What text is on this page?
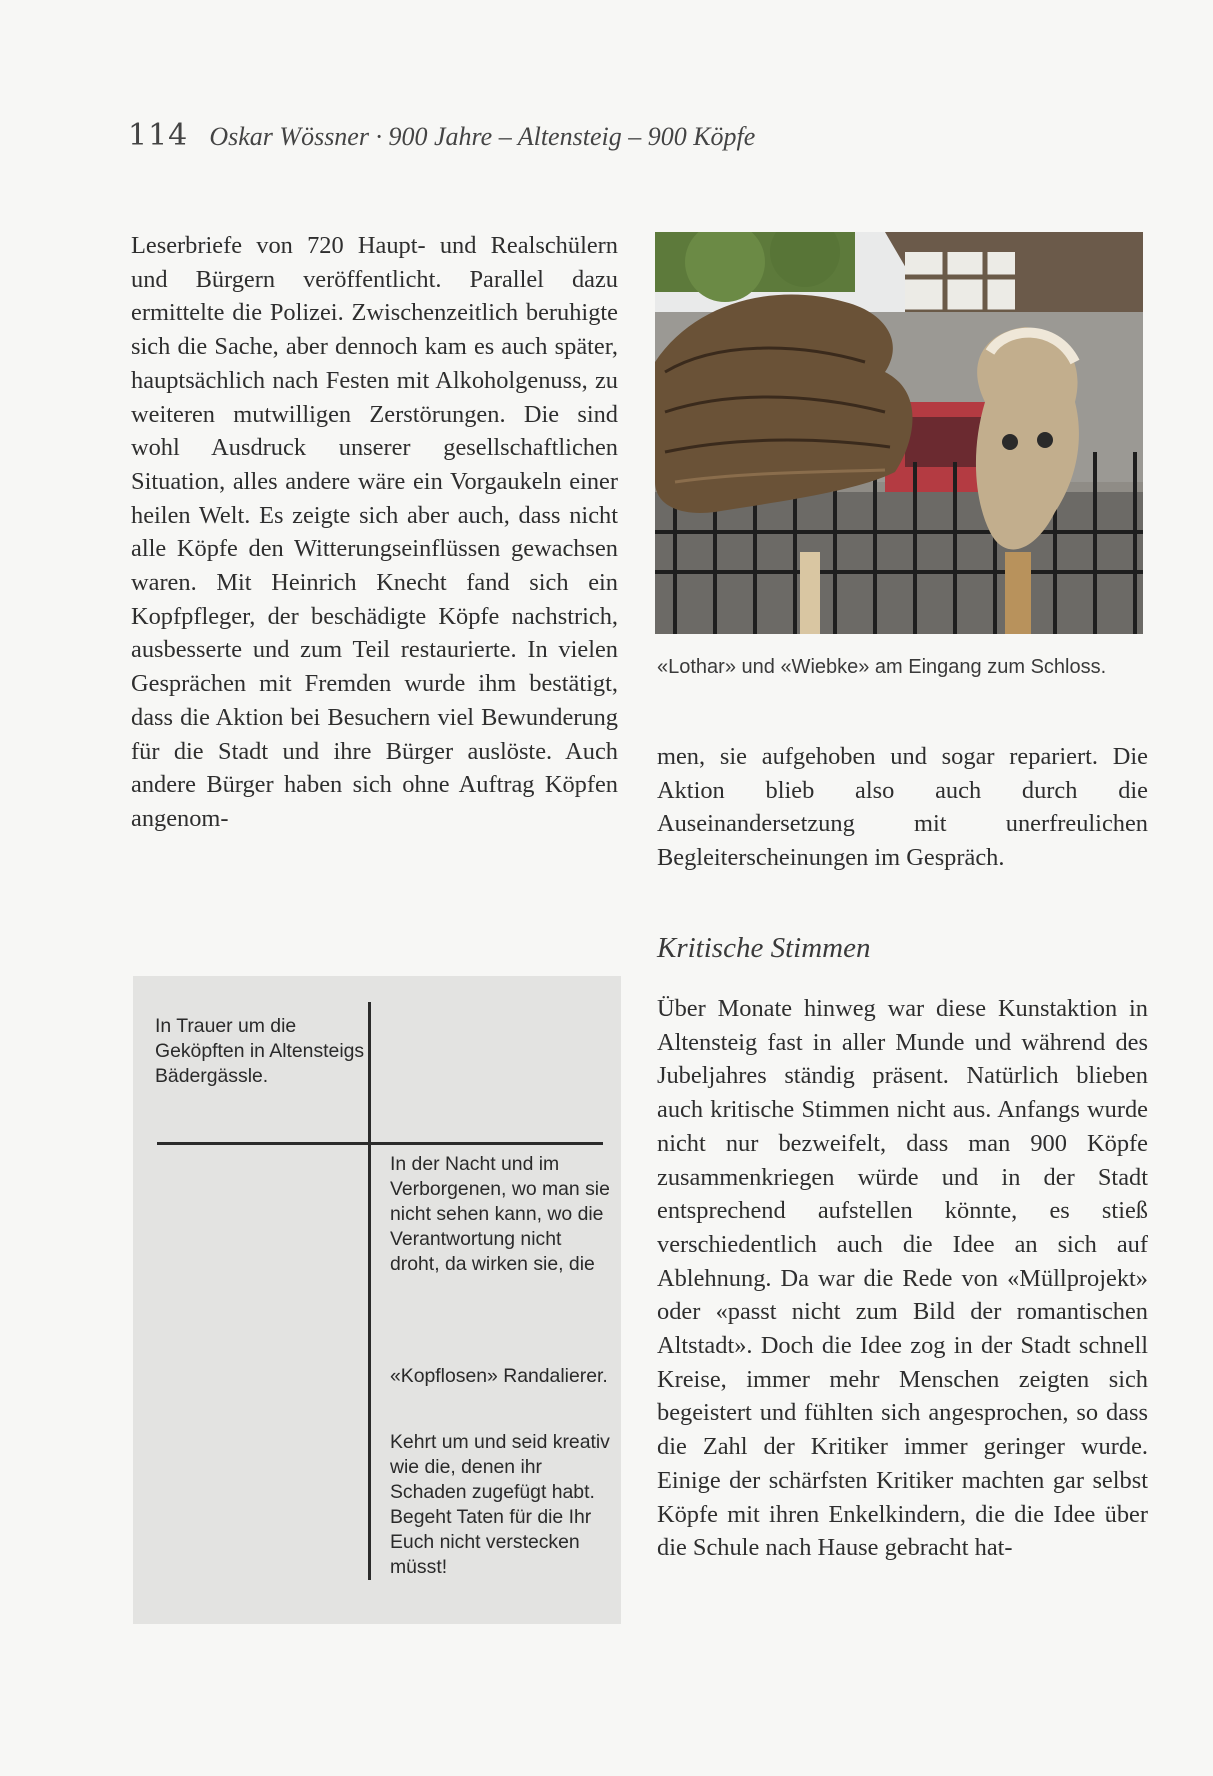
114 Oskar Wössner · 900 Jahre – Altensteig – 900 Köpfe
Leserbriefe von 720 Haupt- und Realschülern und Bürgern veröffentlicht. Parallel dazu ermittelte die Polizei. Zwischenzeitlich beruhigte sich die Sache, aber dennoch kam es auch später, hauptsächlich nach Festen mit Alkoholgenuss, zu weiteren mutwilligen Zerstörungen. Die sind wohl Ausdruck unserer gesellschaftlichen Situation, alles andere wäre ein Vorgaukeln einer heilen Welt. Es zeigte sich aber auch, dass nicht alle Köpfe den Witterungseinflüssen gewachsen waren. Mit Heinrich Knecht fand sich ein Kopfpfleger, der beschädigte Köpfe nachstrich, ausbesserte und zum Teil restaurierte. In vielen Gesprächen mit Fremden wurde ihm bestätigt, dass die Aktion bei Besuchern viel Bewunderung für die Stadt und ihre Bürger auslöste. Auch andere Bürger haben sich ohne Auftrag Köpfen angenom-
«Lothar» und «Wiebke» am Eingang zum Schloss.
men, sie aufgehoben und sogar repariert. Die Aktion blieb also auch durch die Auseinandersetzung mit unerfreulichen Begleiterscheinungen im Gespräch.
Kritische Stimmen
Über Monate hinweg war diese Kunstaktion in Altensteig fast in aller Munde und während des Jubeljahres ständig präsent. Natürlich blieben auch kritische Stimmen nicht aus. Anfangs wurde nicht nur bezweifelt, dass man 900 Köpfe zusammenkriegen würde und in der Stadt entsprechend aufstellen könnte, es stieß verschiedentlich auch die Idee an sich auf Ablehnung. Da war die Rede von «Müllprojekt» oder «passt nicht zum Bild der romantischen Altstadt». Doch die Idee zog in der Stadt schnell Kreise, immer mehr Menschen zeigten sich begeistert und fühlten sich angesprochen, so dass die Zahl der Kritiker immer geringer wurde. Einige der schärfsten Kritiker machten gar selbst Köpfe mit ihren Enkelkindern, die die Idee über die Schule nach Hause gebracht hat-
In Trauer um die Geköpften in Altensteigs Bädergässle.
In der Nacht und im Verborgenen, wo man sie nicht sehen kann, wo die Verantwortung nicht droht, da wirken sie, die
«Kopflosen» Randalierer.
Kehrt um und seid kreativ wie die, denen ihr Schaden zugefügt habt. Begeht Taten für die Ihr Euch nicht verstecken müsst!
